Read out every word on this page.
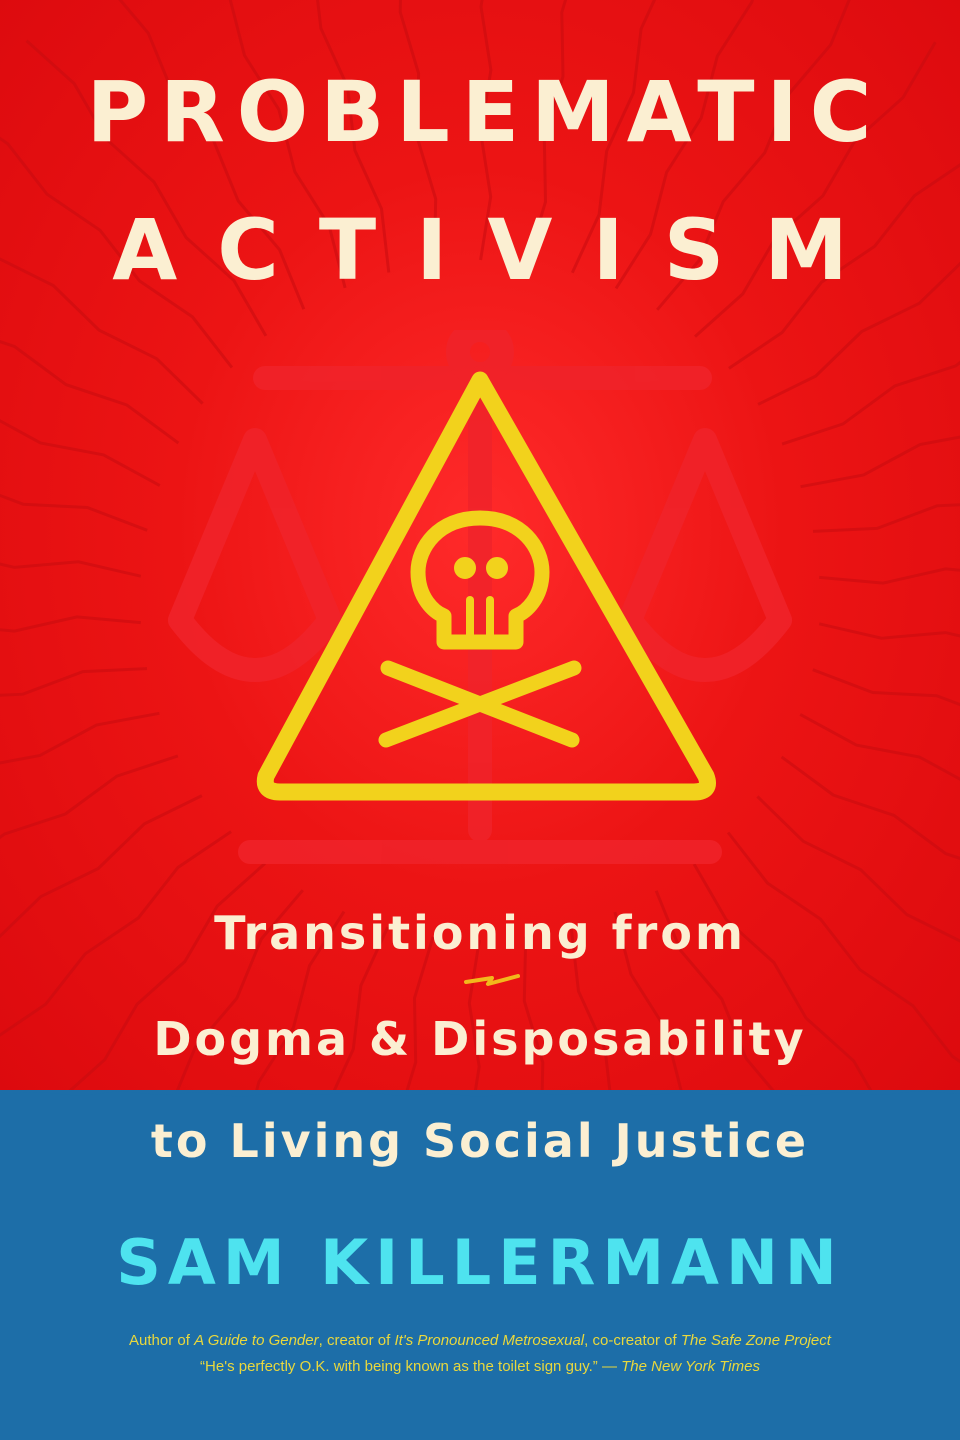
PROBLEMATIC
ACTIVISM
Transitioning from
Dogma & Disposability
to Living Social Justice
SAM KILLERMANN
Author of A Guide to Gender, creator of It's Pronounced Metrosexual, co-creator of The Safe Zone Project
“He's perfectly O.K. with being known as the toilet sign guy.” — The New York Times
